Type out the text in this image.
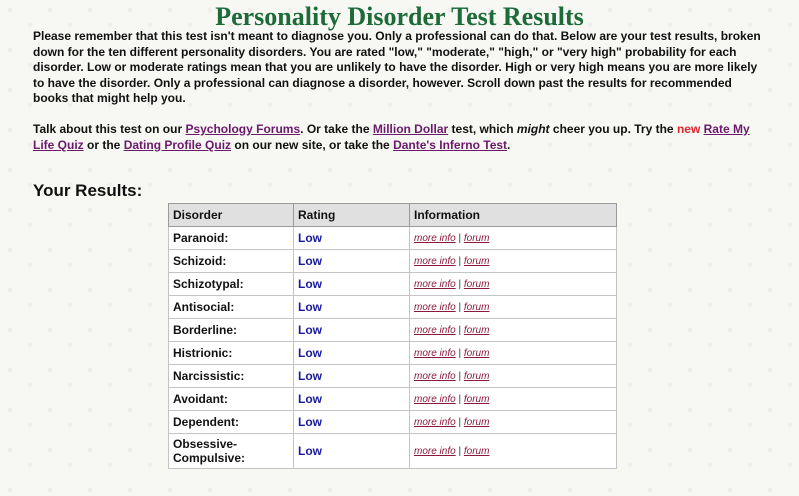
Personality Disorder Test Results

Please remember that this test isn't meant to diagnose you. Only a professional can do that. Below are your test results, broken down for the ten different personality disorders. You are rated "low," "moderate," "high," or "very high" probability for each disorder. Low or moderate ratings mean that you are unlikely to have the disorder. High or very high means you are more likely to have the disorder. Only a professional can diagnose a disorder, however. Scroll down past the results for recommended books that might help you.

Talk about this test on our Psychology Forums. Or take the Million Dollar test, which might cheer you up. Try the new Rate My Life Quiz or the Dating Profile Quiz on our new site, or take the Dante's Inferno Test.

Your Results:
Disorder	Rating	Information
Paranoid:	Low	more info | forum
Schizoid:	Low	more info | forum
Schizotypal:	Low	more info | forum
Antisocial:	Low	more info | forum
Borderline:	Low	more info | forum
Histrionic:	Low	more info | forum
Narcissistic:	Low	more info | forum
Avoidant:	Low	more info | forum
Dependent:	Low	more info | forum
Obsessive-Compulsive:	Low	more info | forum
